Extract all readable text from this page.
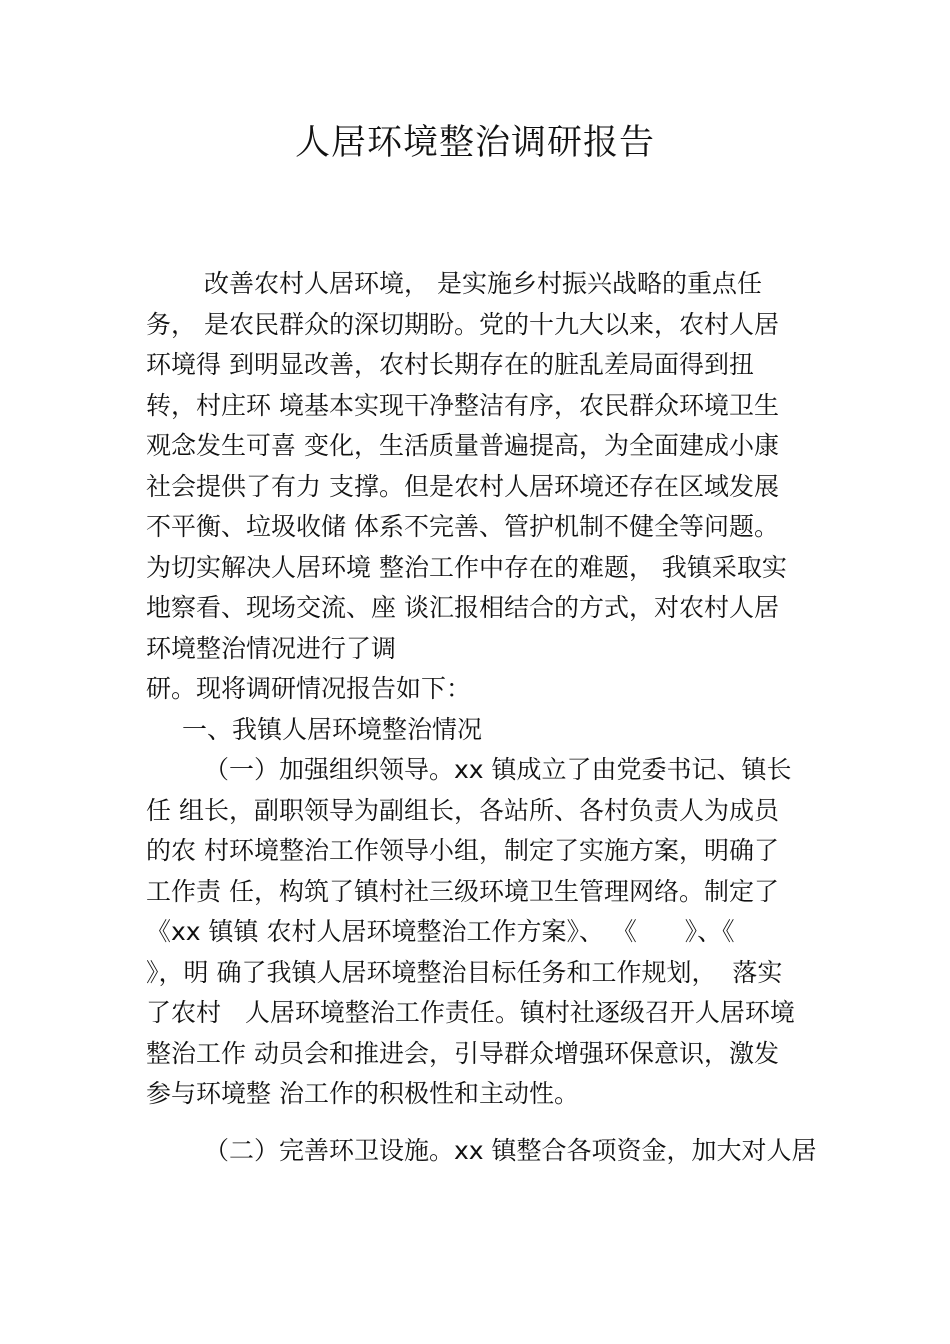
人居环境整治调研报告
改善农村人居环境， 是实施乡村振兴战略的重点任
务， 是农民群众的深切期盼。党的十九大以来，农村人居
环境得 到明显改善，农村长期存在的脏乱差局面得到扭
转，村庄环 境基本实现干净整洁有序，农民群众环境卫生
观念发生可喜 变化，生活质量普遍提高，为全面建成小康
社会提供了有力 支撑。但是农村人居环境还存在区域发展
不平衡、垃圾收储 体系不完善、管护机制不健全等问题。
为切实解决人居环境 整治工作中存在的难题， 我镇采取实
地察看、现场交流、座 谈汇报相结合的方式，对农村人居
环境整治情况进行了调
研。现将调研情况报告如下：
一、我镇人居环境整治情况
（一）加强组织领导。xx 镇成立了由党委书记、镇长
任 组长，副职领导为副组长，各站所、各村负责人为成员
的农 村环境整治工作领导小组，制定了实施方案，明确了
工作责 任，构筑了镇村社三级环境卫生管理网络。制定了
《xx 镇镇 农村人居环境整治工作方案》、 《      》、《
》，明 确了我镇人居环境整治目标任务和工作规划，  落实
了农村   人居环境整治工作责任。镇村社逐级召开人居环境
整治工作 动员会和推进会，引导群众增强环保意识，激发
参与环境整 治工作的积极性和主动性。
（二）完善环卫设施。xx 镇整合各项资金，加大对人居
